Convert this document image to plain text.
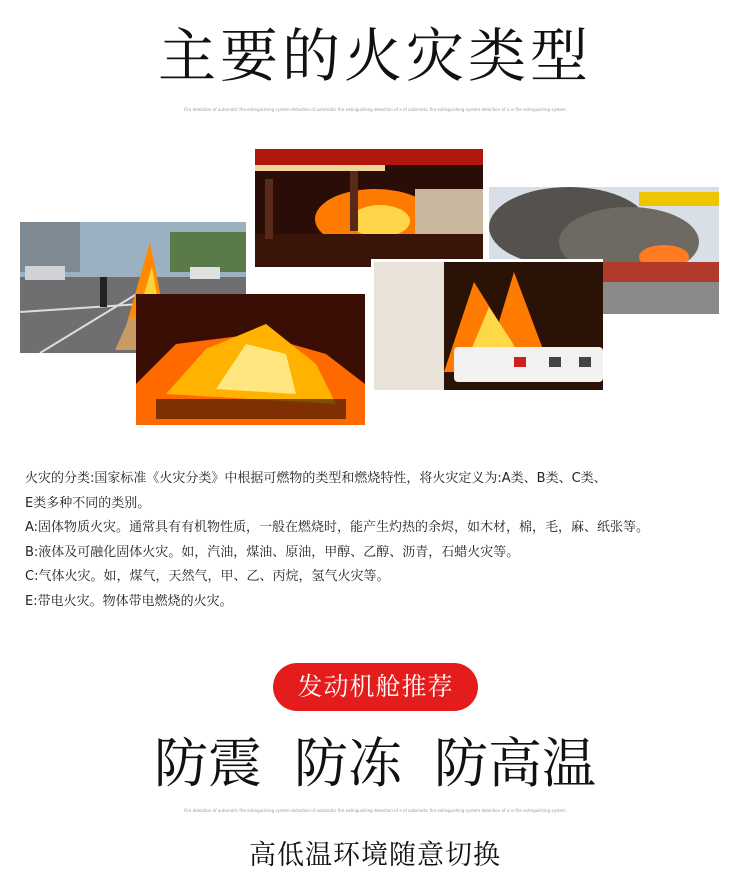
主要的火灾类型
Fire detection of automatic fire extinguishing system detection of automatic fire extinguishing detection of a of automatic fire extinguishing system detection of a in fire extinguishing system

火灾的分类:国家标准《火灾分类》中根据可燃物的类型和燃烧特性，将火灾定义为:A类、B类、C类、

E类多种不同的类别。

A:固体物质火灾。通常具有有机物性质，一般在燃烧时，能产生灼热的余烬，如木材，棉，毛，麻、纸张等。

B:液体及可融化固体火灾。如，汽油，煤油、原油，甲醇、乙醇、沥青，石蜡火灾等。

C:气体火灾。如，煤气，天然气，甲、乙、丙烷，氢气火灾等。

E:带电火灾。物体带电燃烧的火灾。

发动机舱推荐
防震 防冻 防高温
Fire detection of automatic fire extinguishing system detection of automatic fire extinguishing detection of a of automatic fire extinguishing system detection of a in fire extinguishing system
高低温环境随意切换
